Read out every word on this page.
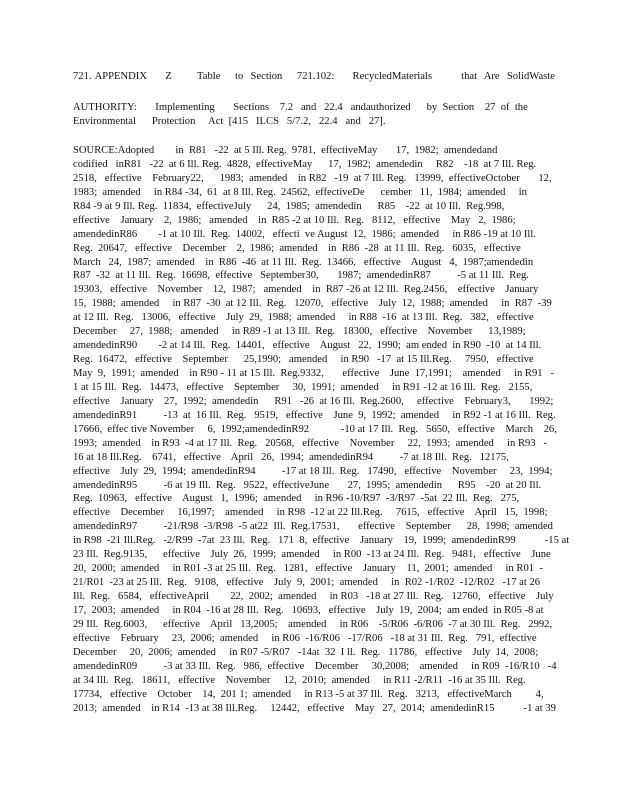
721. APPENDIX     Z       Table    to  Section    721.102:     RecycledMaterials        that  Are  SolidWaste
AUTHORITY:       Implementing       Sections    7.2   and   22.4   andauthorized      by  Section    27  of  the
Environmental      Protection     Act  [415   ILCS   5/7.2,   22.4   and   27].
SOURCE:Adopted        in  R81   -22  at 5 Ill. Reg.  9781,  effectiveMay       17,  1982;  amendedand
codified   inR81   -22  at 6 Ill. Reg.  4828,  effectiveMay      17,  1982;  amendedin     R82    -18  at 7 Ill. Reg.
2518,   effective    February22,      1983;  amended    in R82   -19  at 7 Ill. Reg.   13999,  effectiveOctober       12,
1983;  amended     in R84 -34,  61  at 8 Ill. Reg.  24562,  effectiveDe      cember   11,  1984;  amended     in
R84 -9 at 9 Ill. Reg.  11834,  effectiveJuly      24,  1985;  amendedin      R85    -22  at 10 Ill.  Reg.998,
effective    January    2,  1986;   amended    in  R85 -2 at 10 Ill.  Reg.   8112,   effective    May   2,  1986;
amendedinR86        -1 at 10 Ill.  Reg.  14002,   effecti  ve August  12,  1986;  amended     in R86 -19 at 10 Ill.
Reg.  20647,   effective    December    2,  1986;  amended    in  R86  -28  at 11 Ill.  Reg.   6035,   effective
March   24,  1987;  amended    in  R86  -46  at 11 Ill.  Reg.  13466,   effective    August   4,  1987;amendedin
R87  -32  at 11 Ill.  Reg.  16698,  effective   September30,       1987;  amendedinR87          -5 at 11 Ill.  Reg.
19303,   effective    November    12,  1987;   amended    in  R87 -26 at 12 Ill.  Reg.2456,    effective    January
15,  1988;  amended     in R87  -30  at 12 Ill.  Reg.   12070,   effective    July  12,  1988;  amended     in  R87  -39
at 12 Ill.  Reg.   13006,   effective    July  29,  1988;  amended     in R88  -16  at 13 Ill.  Reg.   382,   effective
December     27,  1988;   amended     in R89 -1 at 13 Ill.  Reg.   18300,   effective    November      13,1989;
amendedinR90        -2 at 14 Ill.  Reg.  14401,   effective    August   22,  1990;  am ended  in R90  -10  at 14 Ill.
Reg.  16472,   effective    September      25,1990;   amended     in R90   -17  at 15 Ill.Reg.     7950,   effective
May  9,  1991;  amended    in R90 - 11 at 15 Ill.  Reg.9332,       effective    June  17,1991;    amended     in R91   -
1 at 15 Ill.  Reg.   14473,   effective    September     30,  1991;  amended     in R91 -12 at 16 Ill.  Reg.   2155,
effective    January    27,  1992;  amendedin      R91   -26  at 16 Ill.  Reg.2600,     effective    February3,       1992;
amendedinR91          -13  at  16 Ill.  Reg.   9519,   effective    June  9,  1992;  amended     in R92 -1 at 16 Ill.  Reg.
17666,  effec tive November     6,  1992;amendedinR92            -10 at 17 Ill.  Reg.   5650,   effective    March    26,
1993;  amended    in R93  -4 at 17 Ill.  Reg.   20568,   effective    November     22,  1993;  amended     in R93   -
16 at 18 Ill.Reg.    6741,   effective    April   26,  1994;  amendedinR94          -7 at 18 Ill.  Reg.   12175,
effective    July  29,  1994;  amendedinR94          -17 at 18 Ill.  Reg.   17490,   effective    November     23,  1994;
amendedinR95          -6 at 19 Ill.  Reg.   9522,  effectiveJune       27,  1995;  amendedin      R95    -20  at 20 Ill.
Reg.  10963,   effective    August   1,  1996;  amended     in R96 -10/R97  -3/R97  -5at  22 Ill.  Reg.   275,
effective    December     16,1997;    amended     in R98  -12 at 22 Ill.Reg.     7615,   effective    April   15,  1998;
amendedinR97          -21/R98  -3/R98  -5 at22  Ill.  Reg.17531,       effective    September      28,  1998;  amended
in R98  -21 Ill.Reg.   -2/R99  -7at  23 Ill.  Reg.   171  8,  effective    January    19,  1999;  amendedinR99           -15 at
23 Ill.  Reg.9135,      effective    July  26,  1999;  amended     in R00  -13 at 24 Ill.  Reg.   9481,   effective    June
20,  2000;  amended     in R01 -3 at 25 Ill.  Reg.   1281,   effective    January    11,  2001;  amended     in R01  -
21/R01  -23 at 25 Ill.  Reg.   9108,   effective    July  9,  2001;  amended     in  R02 -1/R02  -12/R02   -17 at 26
Ill.  Reg.   6584,   effectiveApril        22,  2002;  amended     in R03   -18 at 27 Ill.  Reg.   12760,   effective    July
17,  2003;  amended     in R04  -16 at 28 Ill.  Reg.   10693,   effective    July  19,  2004;  am ended  in R05 -8 at
29 Ill.  Reg.6003,      effective    April   13,2005;    amended     in R06    -5/R06  -6/R06  -7 at 30 Ill.  Reg.   2992,
effective    February     23,  2006;  amended     in R06  -16/R06   -17/R06   -18 at 31 Ill.  Reg.   791,  effective
December     20,  2006;  amended     in R07 -5/R07   -14at  32  I ll.  Reg.   11786,   effective    July  14,  2008;
amendedinR09          -3 at 33 Ill.  Reg.   986,  effective    December     30,2008;    amended     in R09  -16/R10   -4
at 34 Ill.  Reg.   18611,   effective    November     12,  2010;  amended     in R11 -2/R11  -16 at 35 Ill.  Reg.
17734,   effective    October    14,  201 1;  amended     in R13 -5 at 37 Ill.  Reg.   3213,   effectiveMarch         4,
2013;  amended    in R14  -13 at 38 Ill.Reg.     12442,   effective    May   27,  2014;  amendedinR15           -1 at 39
